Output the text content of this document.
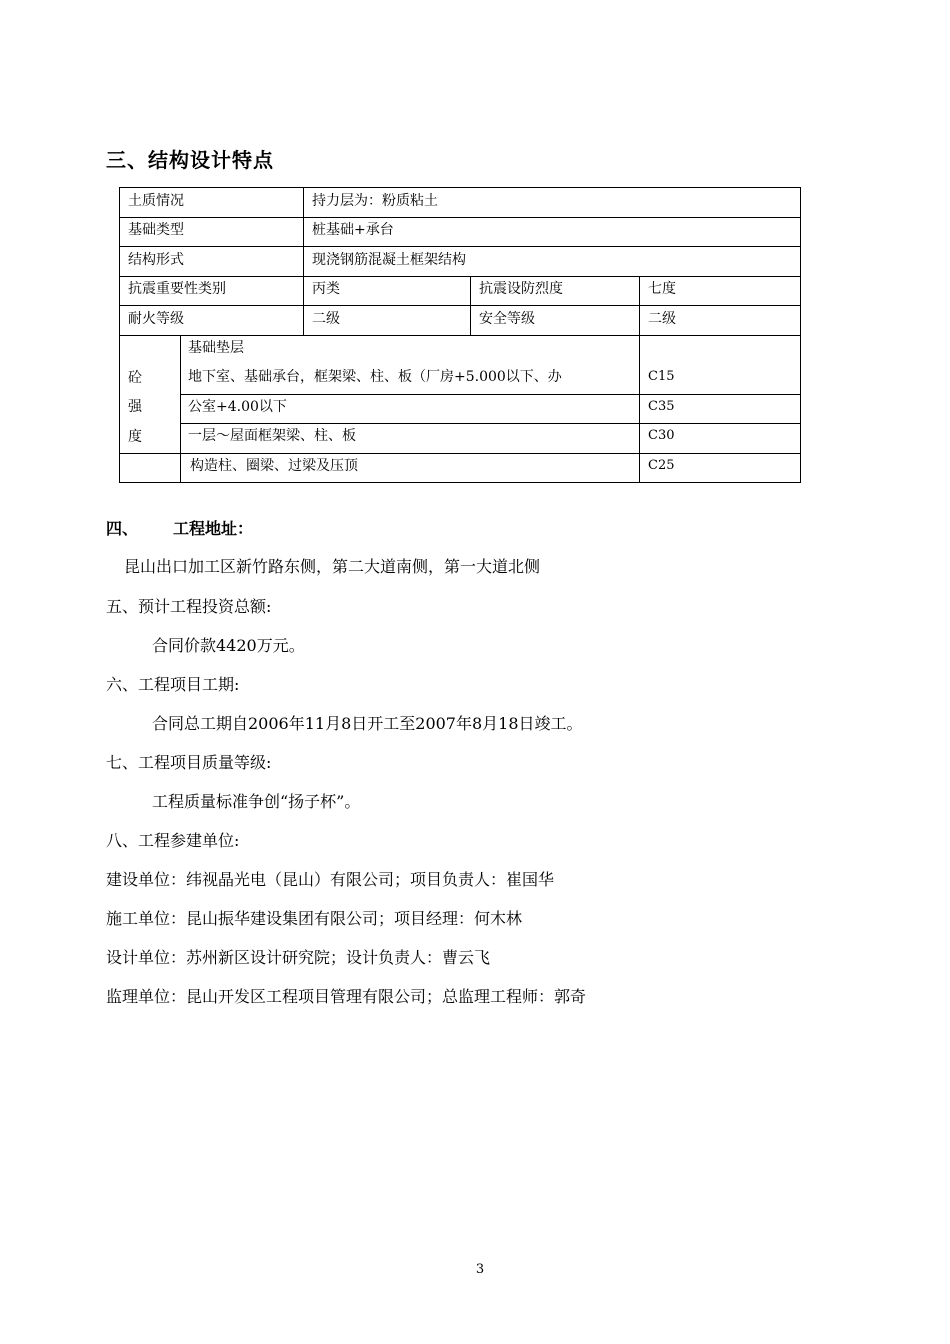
三、结构设计特点
土质情况	持力层为：粉质粘土
基础类型	桩基础+承台
结构形式	现浇钢筋混凝土框架结构
抗震重要性类别	丙类	抗震设防烈度	七度
耐火等级	二级	安全等级	二级
砼
强
度
基础垫层
地下室、基础承台，框架梁、柱、板（厂房+5.000以下、办	C15
公室+4.00以下	C35
一层～屋面框架梁、柱、板	C30
构造柱、圈梁、过梁及压顶	C25
四、 工程地址：
昆山出口加工区新竹路东侧，第二大道南侧，第一大道北侧
五、预计工程投资总额:
合同价款4420万元。
六、工程项目工期:
合同总工期自2006年11月8日开工至2007年8月18日竣工。
七、工程项目质量等级:
工程质量标准争创“扬子杯”。
八、工程参建单位:
建设单位：纬视晶光电（昆山）有限公司；项目负责人：崔国华
施工单位：昆山振华建设集团有限公司；项目经理：何木林
设计单位：苏州新区设计研究院；设计负责人：曹云飞
监理单位：昆山开发区工程项目管理有限公司；总监理工程师：郭奇
3
